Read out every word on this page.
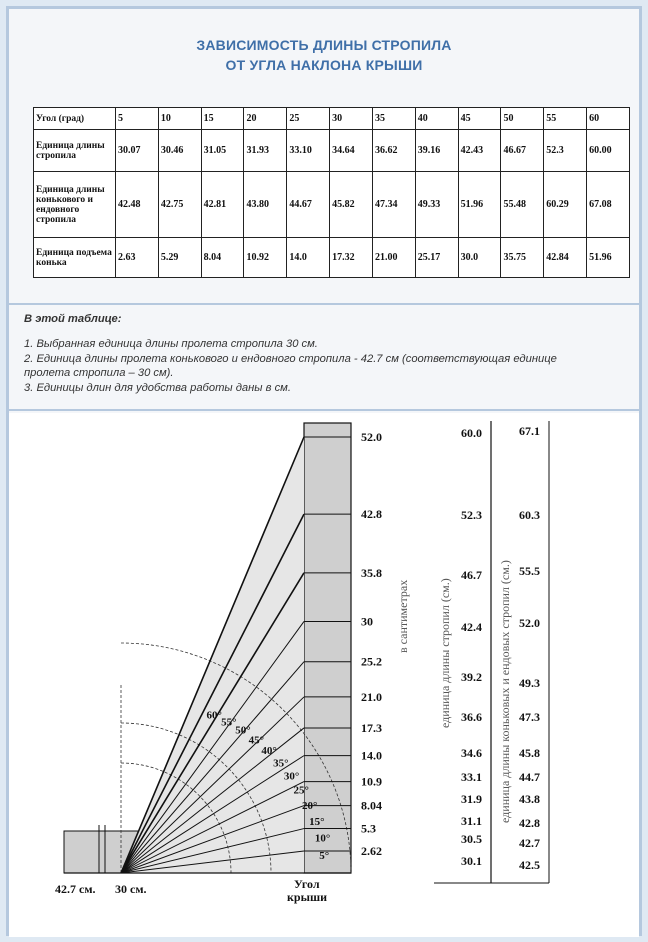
ЗАВИСИМОСТЬ ДЛИНЫ СТРОПИЛА
ОТ УГЛА НАКЛОНА КРЫШИ
Угол (град)	5	10	15	20	25	30	35	40	45	50	55	60
Единица длины стропила	30.07	30.46	31.05	31.93	33.10	34.64	36.62	39.16	42.43	46.67	52.3	60.00
Единица длины конькового и ендовного стропила	42.48	42.75	42.81	43.80	44.67	45.82	47.34	49.33	51.96	55.48	60.29	67.08
Единица подъема конька	2.63	5.29	8.04	10.92	14.0	17.32	21.00	25.17	30.0	35.75	42.84	51.96
В этой таблице:
1. Выбранная единица длины пролета стропила 30 см.
2. Единица длины пролета конькового и ендовного стропила - 42.7 см (соответствующая единице
пролета стропила – 30 см).
3. Единицы длин для удобства работы даны в см.
2.62
5.3
8.04
10.9
14.0
17.3
21.0
25.2
30
35.8
42.8
52.0
5°
10°
15°
20°
25°
30°
35°
40°
45°
50°
55°
60°
42.7 см. 30 см.	Угол
крыши
в сантиметрах
60.0
52.3
46.7
42.4
39.2
36.6
34.6
33.1
31.9
31.1
30.5
30.1
67.1
60.3
55.5
52.0
49.3
47.3
45.8
44.7
43.8
42.8
42.7
42.5
единица длины стропил (см.)	единица длины коньковых и ендовых стропил (см.)
